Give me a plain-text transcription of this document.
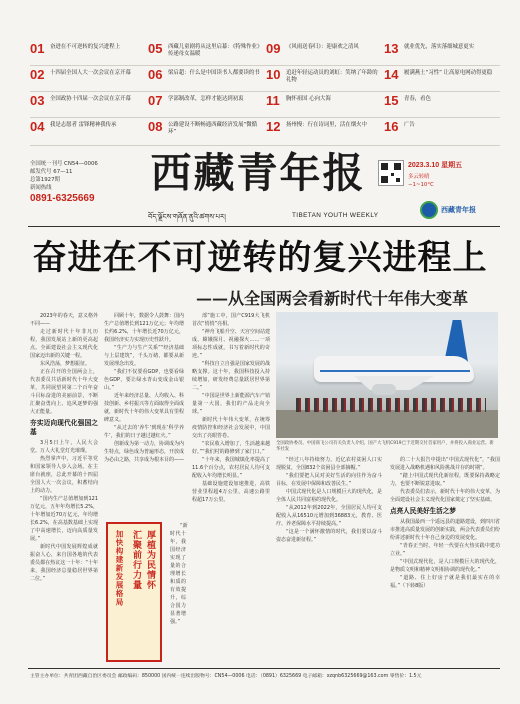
01	奋进在不可逆转的复兴进程上	05	西藏儿童剧将从这里启幕：《特殊作业》传递母女温暖	09	《风雨送春归》：迎康欢之清风	13	就业优先，落实落细城意更实
02	十四届全国人大一次会议在京开幕	06	梁启超：什么是中国读书人都要读的书 10	追赶年轻运动员的刘虹：笑纳了年龄的礼物	14	履满燕土“习性” 让高原电网动得更稳
03	全国政协十四届一次会议在京开幕	07	学部制改革，怎样才能达到初衷	11	胸怀祖国 心向大海	15	青春，看色
04	我是志愿者 雷锋精神我传承	08	公路建设不断畅通西藏经济发展“微循环”	12	扬州慢：行在诗词里，活在烟火中	16	广告
全国统一刊号 CN54—0006
邮发代号 67—11
总第1927期
新闻热线
0891-6325669
西藏青年报
བོད་ལྗོངས་གཞོན་ནུའི་ཚགས་པར།	TIBETAN YOUTH WEEKLY
2023.3.10 星期五
多云转晴
−1~10°C
西藏青年报
奋进在不可逆转的复兴进程上
——从全国两会看新时代十年伟大变革

2023年的春天，意义格外不同——

走过新时代十年非凡历程，我国发展站上新的更高起点。全面建设社会主义现代化国家迈出新的关键一程。

东风浩荡，梦想振征。

正在召开的全国两会上，代表委员共话新时代十年大变革，共同展望同第二个百年奋斗目标奋进的美丽前景，不断汇聚奋勇向上、追风逐梦的强大正能量。

夯实迈向现代化强国之基

3月5日上午，人民大会堂。万人大礼堂灯光璀璨。

热烈掌声中，习近平等党和国家领导人步入会场。在主席台就座，总此开幕的十四届全国人大一次会议，积蓄结向上的动力。

“国内生产总值增加到121万亿元，五年年均增长5.2%，十年增加近70万亿元，年均增长6.2%，在高基数基础上实现了中高速增长，迈向高质量发展。”

新时代中国发展辉煌成就振奋人心，来自国各地的代表委员都在热议这一十年：“十年来，我国经济总量稳居世界第二位。”

回顾十年，数据令人鼓舞：国内生产总值增长到121万亿元；年均增长约6.2%，十年增长近70万亿元，我国经济实力实现历史性跃升。

“生产力与生产关系”“经济基础与上层建筑”，千头万绪，都要从新发展理念出发。

“我们不仅要看GDP，也要看绿色GDP，要让绿水青山变成金山银山。”

近年来经济总量、人均收入、科技创新、乡村振兴等方面取得全面成就，新时代十年的伟大变革具有里程碑意义。

“从过去的‘养牛’到现在‘科学养牛’，我们的日子越过越红火。”

创新成为第一动力，协调成为内生特点，绿色成为普遍形态，开放成为必由之路，共享成为根本目的——

厚植为民情怀
汇聚前行力量
加快构建新发展格局

“新时代十年，我国经济实现了量的合理增长和质的有效提升，综合国力显著增强。”

部”施工中，国产C919大飞机首次“悄悄”亮相。

“神舟飞船升空、天宫空间站建成、嫦娥探月、祝融探火……一项项标志性成就，书写着新时代的奇迹。”

“科技自立自强是国家发展的战略支撑。这十年，我国科技投入持续增加，研发经费总量跃居世界第二。”

“中国是世界上新能源汽车产销量第一大国，我们的产品走向全球。”

新时代十年伟大变革，在统筹疫情防控和经济社会发展中，中国交出了亮眼答卷。

“农民收入增加了，生活越来越好。”“我们村的路修到了家门口。”

“十年来，我国城镇化率提高了11.6个百分点，农村居民人均可支配收入年均增长明显。”

基础设施建设加速推进，高铁营业里程超4万公里，高速公路里程超17万公里。

全国政协委员、中国商飞公司有关负责人介绍，国产大飞机C919已于近期交付首家用户，并将投入商业运营。新华社发

“经过八年持续努力，近亿农村贫困人口实现脱贫，全国832个贫困县全部摘帽。”

“我们要把人民对美好生活的向往作为奋斗目标，在发展中保障和改善民生。”

中国式现代化是人口规模巨大的现代化，是全体人民共同富裕的现代化。

“从2012年到2022年，全国居民人均可支配收入从16510元增加到36883元，教育、医疗、养老保障水平持续提高。”

“这是一个满怀激情的时代，我们要以奋斗姿态奋进新征程。”

的二十大报告中提出“中国式现代化”，“我国发展进入战略机遇和风险挑战并存的时期”。

“踏上中国式现代化新征程，既要保持战略定力，也要不断锐意进取。”

代表委员们表示，新时代十年的伟大变革，为全面建设社会主义现代化国家奠定了坚实基础。

点亮人民美好生活之梦

从我国最西一个遥远县的道路建设，到四川省市推进高质量发展的创新实践，两会代表委员们纷纷讲述新时代十年自己身边的发展变化。

“青春正当时，年轻一代要在火热实践中建功立业。”

“中国式现代化，是人口规模巨大的现代化，是物质文明和精神文明相协调的现代化。”

“道路、住上好房子就是我们最实在的幸福。”（下转8版）

主管主办单位：共青团西藏自治区委员会 邮政编码：850000 国内统一连续出版物号：CN54—0006 电话：（0891）6325669 电子邮箱：xzqnb6325669@163.com 零售价：1.5元
